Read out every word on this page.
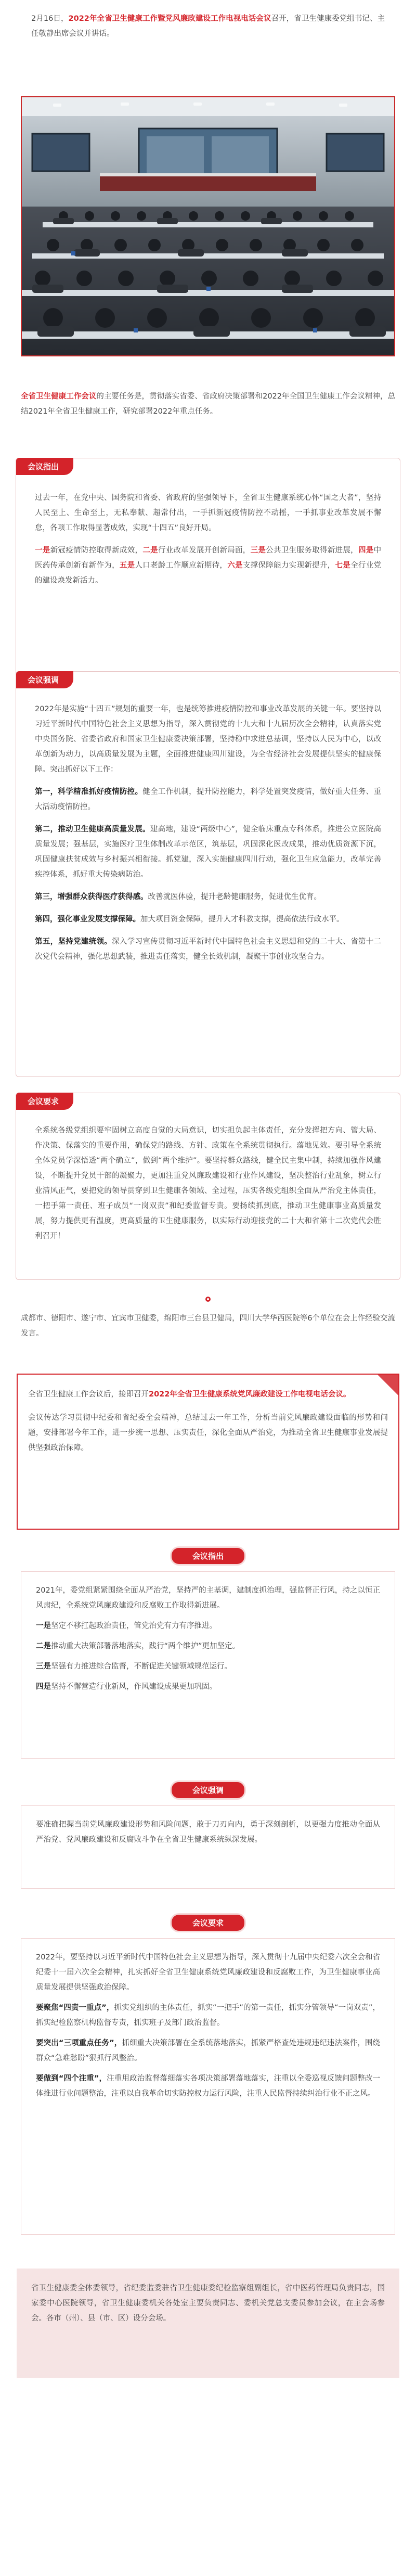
2月16日，2022年全省卫生健康工作暨党风廉政建设工作电视电话会议召开，省卫生健康委党组书记、主任敬静出席会议并讲话。

全省卫生健康工作会议的主要任务是，贯彻落实省委、省政府决策部署和2022年全国卫生健康工作会议精神，总结2021年全省卫生健康工作，研究部署2022年重点任务。

会议指出

过去一年，在党中央、国务院和省委、省政府的坚强领导下，全省卫生健康系统心怀“国之大者”，坚持人民至上、生命至上，无私奉献、超常付出，一手抓新冠疫情防控不动摇，一手抓事业改革发展不懈怠，各项工作取得显著成效，实现“十四五”良好开局。

一是新冠疫情防控取得新成效，二是行业改革发展开创新局面，三是公共卫生服务取得新进展，四是中医药传承创新有新作为，五是人口老龄工作顺应新期待，六是支撑保障能力实现新提升，七是全行业党的建设焕发新活力。

会议强调

2022年是实施“十四五”规划的重要一年，也是统筹推进疫情防控和事业改革发展的关键一年。要坚持以习近平新时代中国特色社会主义思想为指导，深入贯彻党的十九大和十九届历次全会精神，认真落实党中央国务院、省委省政府和国家卫生健康委决策部署，坚持稳中求进总基调，坚持以人民为中心，以改革创新为动力，以高质量发展为主题，全面推进健康四川建设，为全省经济社会发展提供坚实的健康保障。突出抓好以下工作：

第一，科学精准抓好疫情防控。健全工作机制，提升防控能力，科学处置突发疫情，做好重大任务、重大活动疫情防控。

第二，推动卫生健康高质量发展。建高地，建设“两级中心”，健全临床重点专科体系，推进公立医院高质量发展；强基层，实施医疗卫生体制改革示范区，筑基层，巩固深化医改成果，推动优质资源下沉，巩固健康扶贫成效与乡村振兴相衔接。抓党建，深入实施健康四川行动，强化卫生应急能力，改革完善疾控体系，抓好重大传染病防治。

第三，增强群众获得医疗获得感。改善就医体验，提升老龄健康服务，促进优生优育。

第四，强化事业发展支撑保障。加大项目资金保障，提升人才科教支撑，提高依法行政水平。

第五，坚持党建统领。深入学习宣传贯彻习近平新时代中国特色社会主义思想和党的二十大、省第十二次党代会精神，强化思想武装，推进责任落实，健全长效机制，凝聚干事创业攻坚合力。

会议要求

全系统各级党组织要牢固树立高度自觉的大局意识，切实担负起主体责任，充分发挥把方向、管大局、作决策、保落实的重要作用，确保党的路线、方针、政策在全系统贯彻执行。落地见效。要引导全系统全体党员学深悟透“两个确立”，做到“两个维护”。要坚持群众路线，健全民主集中制，持续加强作风建设，不断提升党员干部的凝聚力，更加注重党风廉政建设和行业作风建设，坚决整治行业乱象，树立行业清风正气，要把党的领导贯穿到卫生健康各领域、全过程，压实各级党组织全面从严治党主体责任，一把手第一责任、班子成员“一岗双责”和纪委监督专责。要扬续抓到底，推动卫生健康事业高质量发展，努力提供更有温度，更高质量的卫生健康服务，以实际行动迎接党的二十大和省第十二次党代会胜利召开！

成都市、德阳市、遂宁市、宜宾市卫健委，绵阳市三台县卫健局，四川大学华西医院等6个单位在会上作经验交流发言。

全省卫生健康工作会议后，接即召开2022年全省卫生健康系统党风廉政建设工作电视电话会议。

会议传达学习贯彻中纪委和省纪委全会精神，总结过去一年工作，分析当前党风廉政建设面临的形势和问题，安排部署今年工作，进一步统一思想、压实责任，深化全面从严治党，为推动全省卫生健康事业发展提供坚强政治保障。

会议指出

2021年，委党组紧紧围绕全面从严治党，坚持严的主基调，建制度抓治理，强监督正行风，持之以恒正风肃纪，全系统党风廉政建设和反腐败工作取得新进展。

一是坚定不移扛起政治责任，管党治党有力有序推进。

二是推动重大决策部署落地落实，践行“两个维护”更加坚定。

三是坚强有力推进综合监督，不断促进关键领域规范运行。

四是坚持不懈营造行业新风，作风建设成果更加巩固。

会议强调

要准确把握当前党风廉政建设形势和风险问题，敢于刀刃向内，勇于深刻剖析，以更强力度推动全面从严治党、党风廉政建设和反腐败斗争在全省卫生健康系统纵深发展。

会议要求

2022年，要坚持以习近平新时代中国特色社会主义思想为指导，深入贯彻十九届中央纪委六次全会和省纪委十一届六次全会精神，扎实抓好全省卫生健康系统党风廉政建设和反腐败工作，为卫生健康事业高质量发展提供坚强政治保障。

要聚焦“四责一重点”，抓实党组织的主体责任，抓实“一把手”的第一责任，抓实分管领导“一岗双责”，抓实纪检监察机构监督专责，抓实班子及部门政治监督。

要突出“三项重点任务”，抓细重大决策部署在全系统落地落实，抓紧严格查处违规违纪违法案件，围绕群众“急难愁盼”狠抓行风整治。

要做到“四个注重”，注重用政治监督落细落实各项决策部署落地落实，注重以全委巡视反馈问题整改一体推进行业问题整治，注重以自我革命切实防控权力运行风险，注重人民监督持续纠治行业不正之风。

省卫生健康委全体委领导，省纪委监委驻省卫生健康委纪检监察组副组长，省中医药管理局负责同志，国家委中心医院领导，省卫生健康委机关各处室主要负责同志、委机关党总支委员参加会议，在主会场参会。各市（州）、县（市、区）设分会场。
